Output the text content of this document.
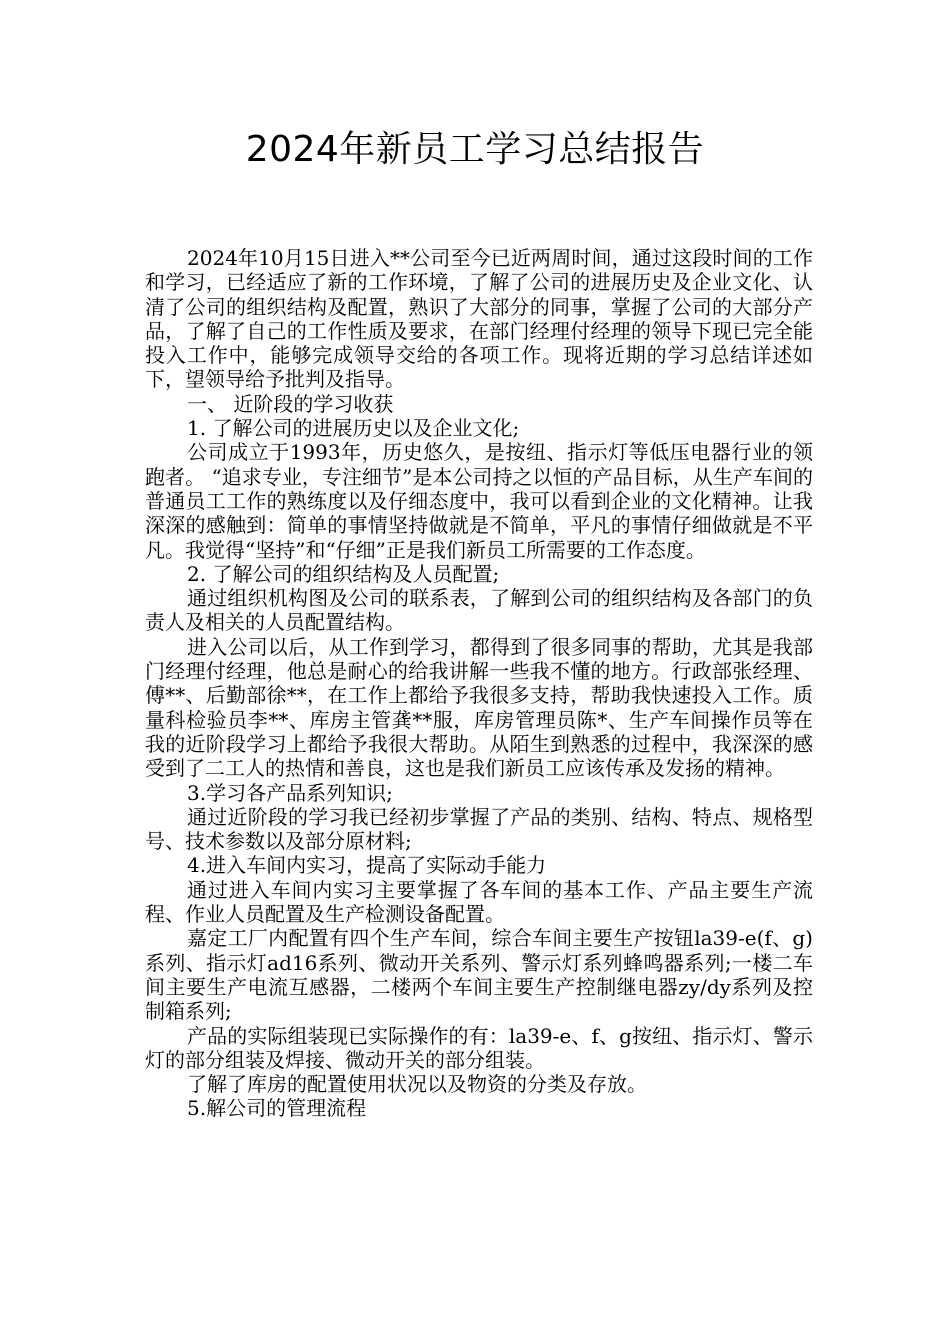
2024年新员工学习总结报告

2024年10月15日进入**公司至今已近两周时间，通过这段时间的工作和学习，已经适应了新的工作环境，了解了公司的进展历史及企业文化、认清了公司的组织结构及配置，熟识了大部分的同事，掌握了公司的大部分产品，了解了自己的工作性质及要求，在部门经理付经理的领导下现已完全能投入工作中，能够完成领导交给的各项工作。现将近期的学习总结详述如下，望领导给予批判及指导。

一、 近阶段的学习收获

1. 了解公司的进展历史以及企业文化;

公司成立于1993年，历史悠久，是按纽、指示灯等低压电器行业的领跑者。 “追求专业，专注细节”是本公司持之以恒的产品目标，从生产车间的普通员工工作的熟练度以及仔细态度中，我可以看到企业的文化精神。让我深深的感触到：简单的事情坚持做就是不简单，平凡的事情仔细做就是不平凡。我觉得“坚持”和“仔细”正是我们新员工所需要的工作态度。

2. 了解公司的组织结构及人员配置;

通过组织机构图及公司的联系表，了解到公司的组织结构及各部门的负责人及相关的人员配置结构。

进入公司以后，从工作到学习，都得到了很多同事的帮助，尤其是我部门经理付经理，他总是耐心的给我讲解一些我不懂的地方。行政部张经理、傅**、后勤部徐**，在工作上都给予我很多支持，帮助我快速投入工作。质量科检验员李**、库房主管龚**服，库房管理员陈*、生产车间操作员等在我的近阶段学习上都给予我很大帮助。从陌生到熟悉的过程中，我深深的感受到了二工人的热情和善良，这也是我们新员工应该传承及发扬的精神。

3.学习各产品系列知识;

通过近阶段的学习我已经初步掌握了产品的类别、结构、特点、规格型号、技术参数以及部分原材料;

4.进入车间内实习，提高了实际动手能力

通过进入车间内实习主要掌握了各车间的基本工作、产品主要生产流程、作业人员配置及生产检测设备配置。

嘉定工厂内配置有四个生产车间，综合车间主要生产按钮la39-e(f、g)系列、指示灯ad16系列、微动开关系列、警示灯系列蜂鸣器系列;一楼二车间主要生产电流互感器，二楼两个车间主要生产控制继电器zy/dy系列及控制箱系列;

产品的实际组装现已实际操作的有：la39-e、f、g按纽、指示灯、警示灯的部分组装及焊接、微动开关的部分组装。

了解了库房的配置使用状况以及物资的分类及存放。

5.解公司的管理流程
